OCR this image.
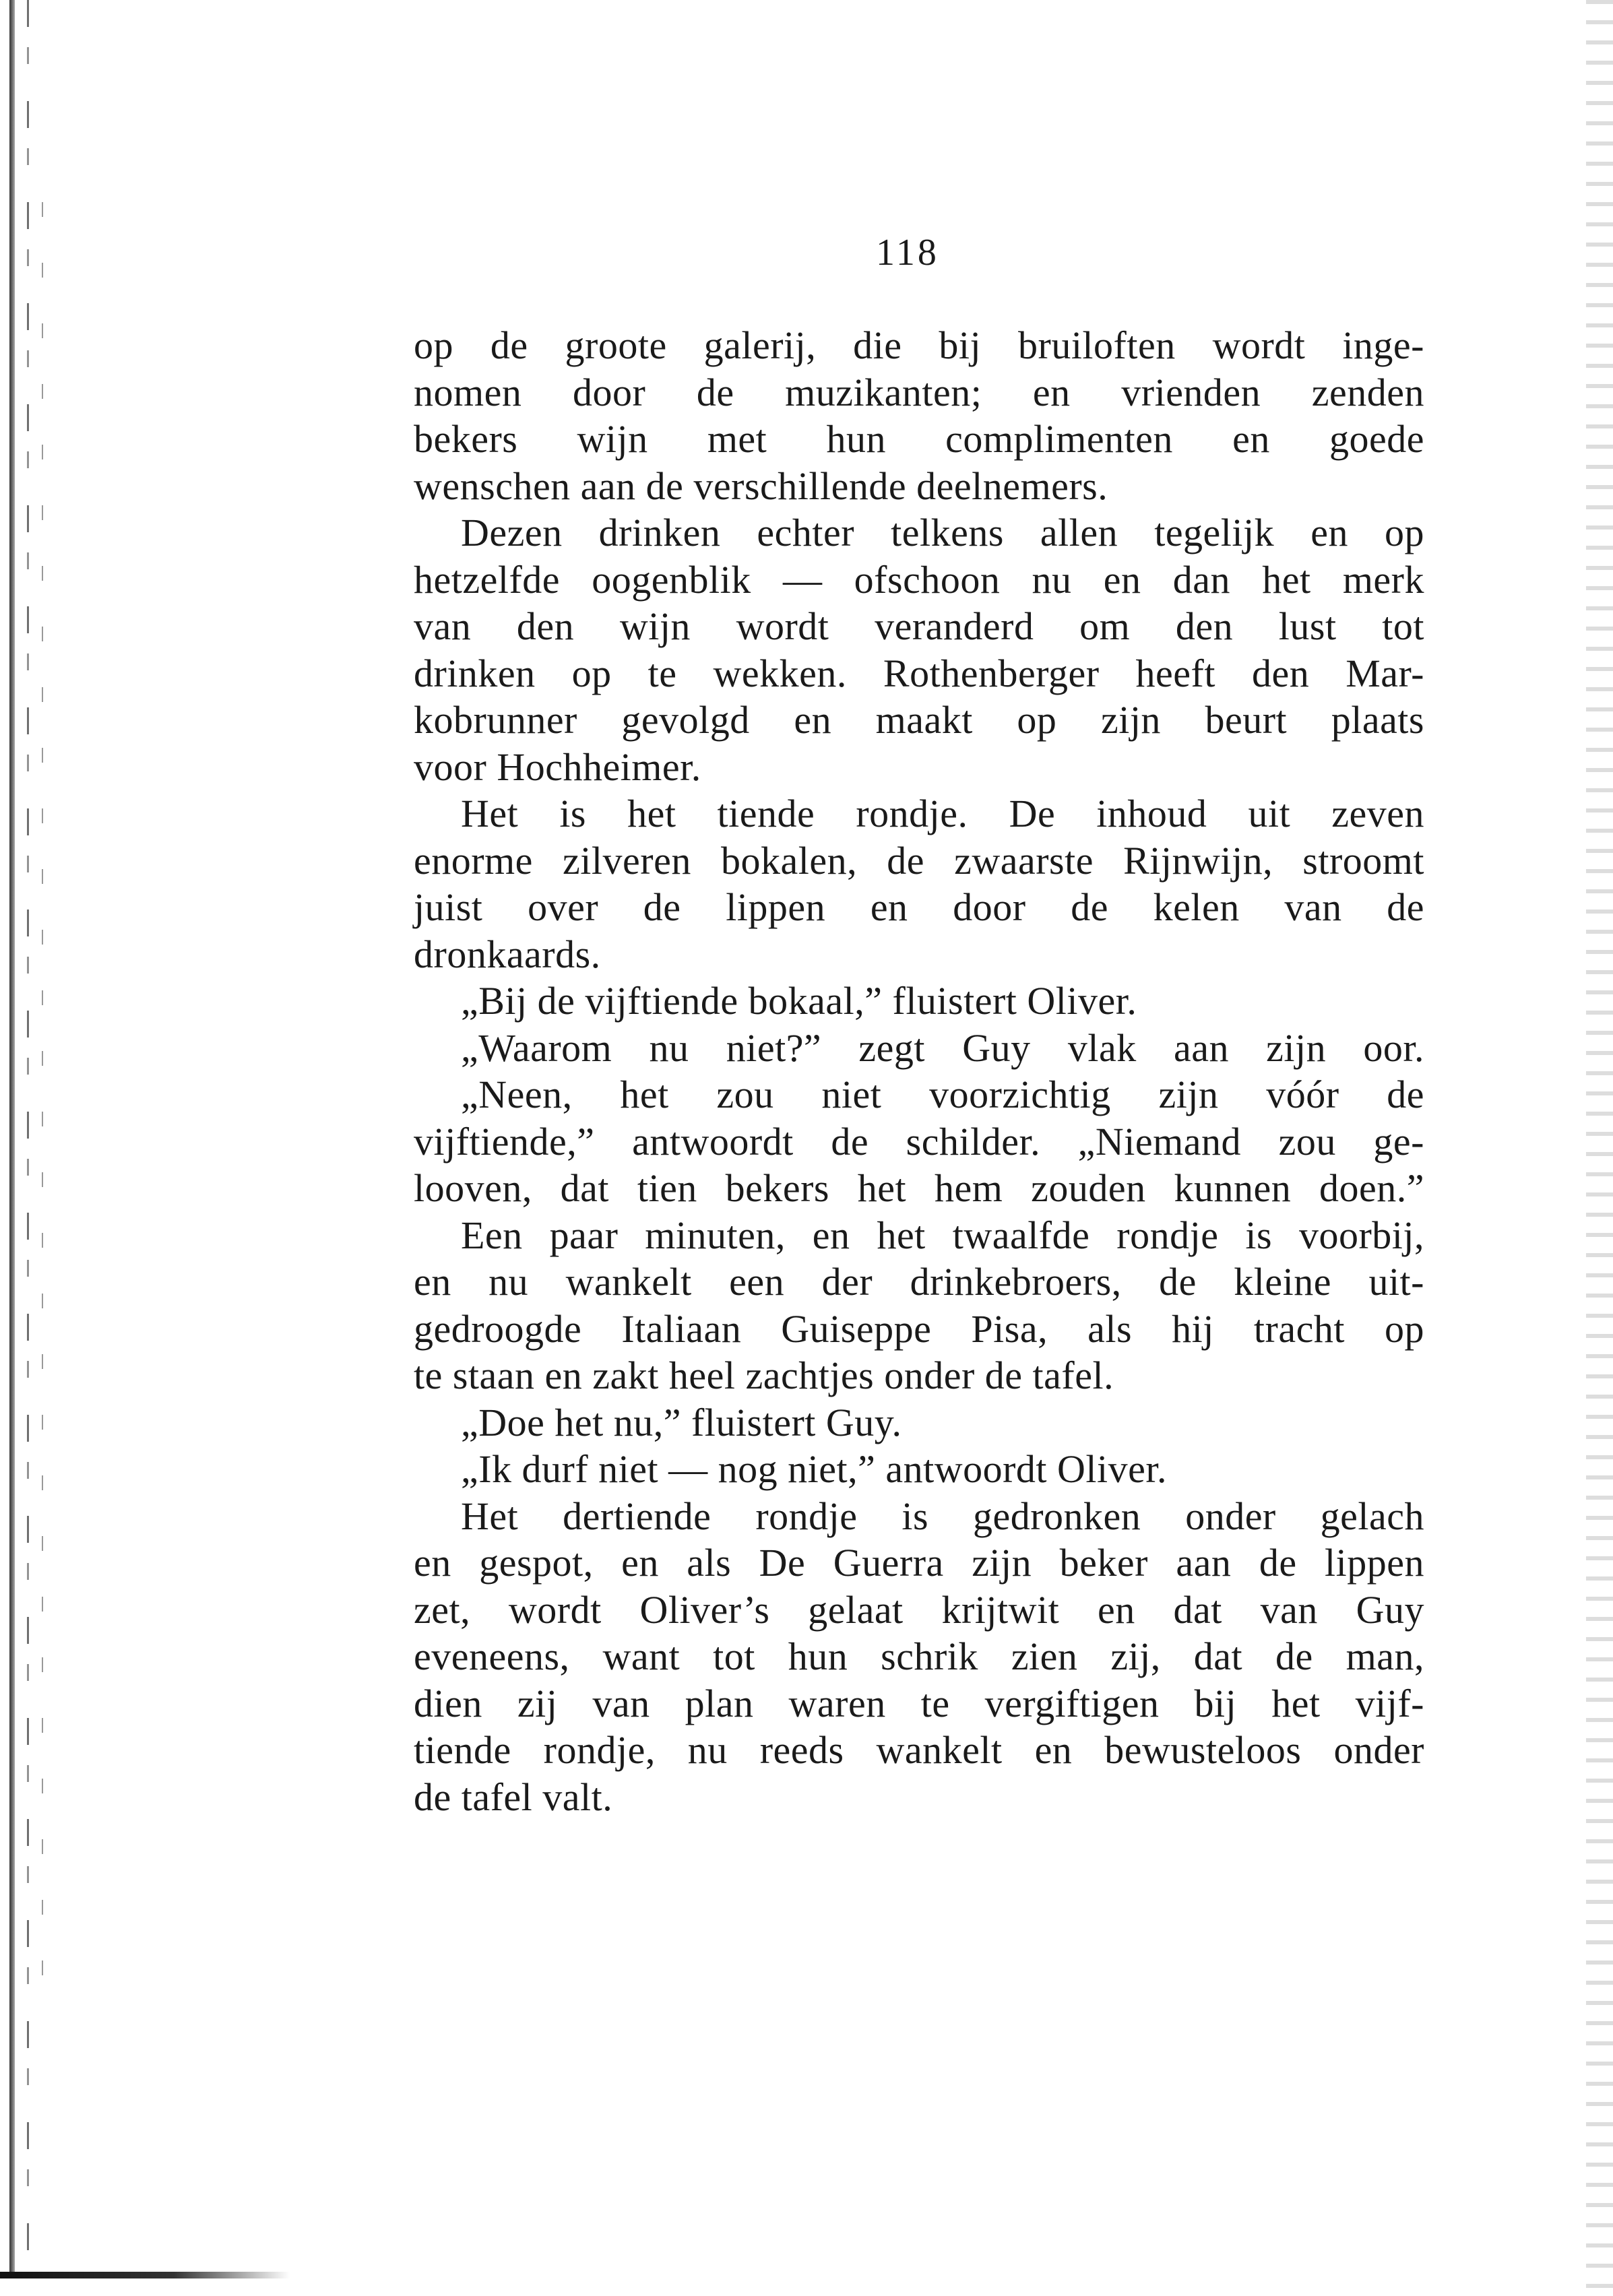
118
op de groote galerij, die bij bruiloften wordt inge-
nomen door de muzikanten; en vrienden zenden
bekers wijn met hun complimenten en goede
wenschen aan de verschillende deelnemers.
Dezen drinken echter telkens allen tegelijk en op
hetzelfde oogenblik — ofschoon nu en dan het merk
van den wijn wordt veranderd om den lust tot
drinken op te wekken. Rothenberger heeft den Mar-
kobrunner gevolgd en maakt op zijn beurt plaats
voor Hochheimer.
Het is het tiende rondje. De inhoud uit zeven
enorme zilveren bokalen, de zwaarste Rijnwijn, stroomt
juist over de lippen en door de kelen van de
dronkaards.
„Bij de vijftiende bokaal,” fluistert Oliver.
„Waarom nu niet?” zegt Guy vlak aan zijn oor.
„Neen, het zou niet voorzichtig zijn vóór de
vijftiende,” antwoordt de schilder. „Niemand zou ge-
looven, dat tien bekers het hem zouden kunnen doen.”
Een paar minuten, en het twaalfde rondje is voorbij,
en nu wankelt een der drinkebroers, de kleine uit-
gedroogde Italiaan Guiseppe Pisa, als hij tracht op
te staan en zakt heel zachtjes onder de tafel.
„Doe het nu,” fluistert Guy.
„Ik durf niet — nog niet,” antwoordt Oliver.
Het dertiende rondje is gedronken onder gelach
en gespot, en als De Guerra zijn beker aan de lippen
zet, wordt Oliver’s gelaat krijtwit en dat van Guy
eveneens, want tot hun schrik zien zij, dat de man,
dien zij van plan waren te vergiftigen bij het vijf-
tiende rondje, nu reeds wankelt en bewusteloos onder
de tafel valt.
